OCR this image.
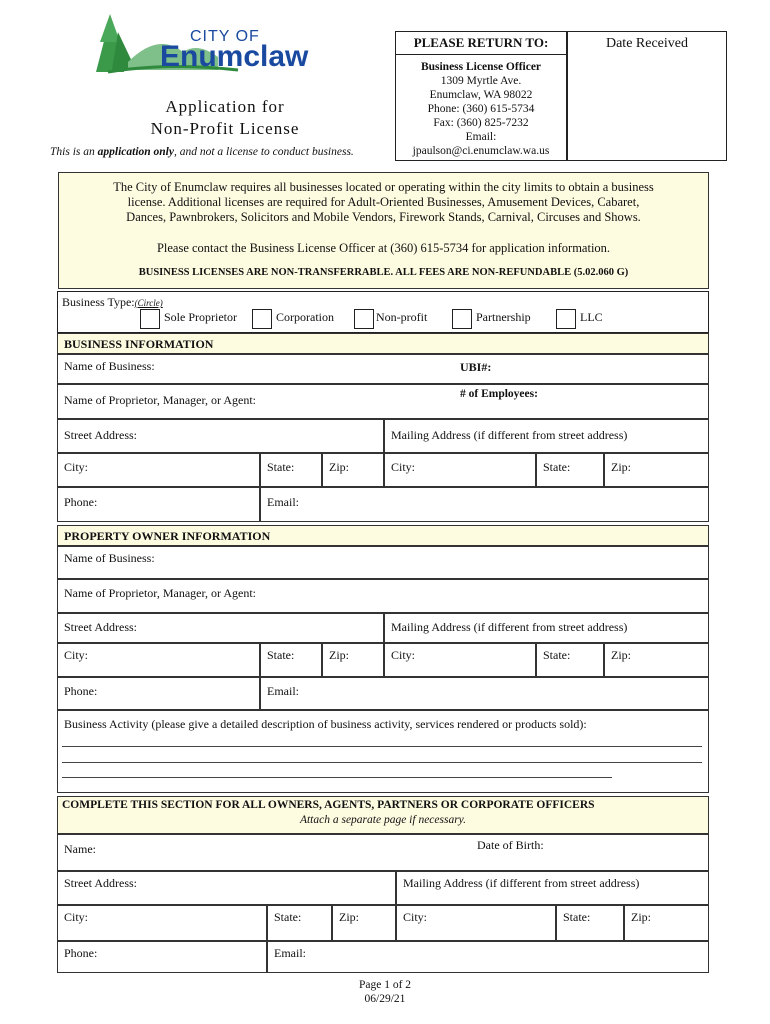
CITY OF
Enumclaw
Application for
Non-Profit License
This is an application only, and not a license to conduct business.
PLEASE RETURN TO:
Business License Officer
1309 Myrtle Ave.
Enumclaw, WA 98022
Phone: (360) 615-5734
Fax: (360) 825-7232
Email:
jpaulson@ci.enumclaw.wa.us
Date Received
The City of Enumclaw requires all businesses located or operating within the city limits to obtain a business
license. Additional licenses are required for Adult-Oriented Businesses, Amusement Devices, Cabaret,
Dances, Pawnbrokers, Solicitors and Mobile Vendors, Firework Stands, Carnival, Circuses and Shows.
Please contact the Business License Officer at (360) 615-5734 for application information.
BUSINESS LICENSES ARE NON-TRANSFERRABLE. ALL FEES ARE NON-REFUNDABLE (5.02.060 G)
Business Type:(Circle)
Sole Proprietor	Corporation	Non-profit	Partnership	LLC
BUSINESS INFORMATION
Name of Business:	UBI#:
Name of Proprietor, Manager, or Agent:	# of Employees:
Street Address:	Mailing Address (if different from street address)
City:	State:	Zip:	City:	State:	Zip:
Phone:	Email:
PROPERTY OWNER INFORMATION
Name of Business:
Name of Proprietor, Manager, or Agent:
Street Address:	Mailing Address (if different from street address)
City:	State:	Zip:	City:	State:	Zip:
Phone:	Email:
Business Activity (please give a detailed description of business activity, services rendered or products sold):
COMPLETE THIS SECTION FOR ALL OWNERS, AGENTS, PARTNERS OR CORPORATE OFFICERS
Attach a separate page if necessary.
Name:	Date of Birth:
Street Address:	Mailing Address (if different from street address)
City:	State:	Zip:	City:	State:	Zip:
Phone:	Email:
Page 1 of 2
06/29/21
